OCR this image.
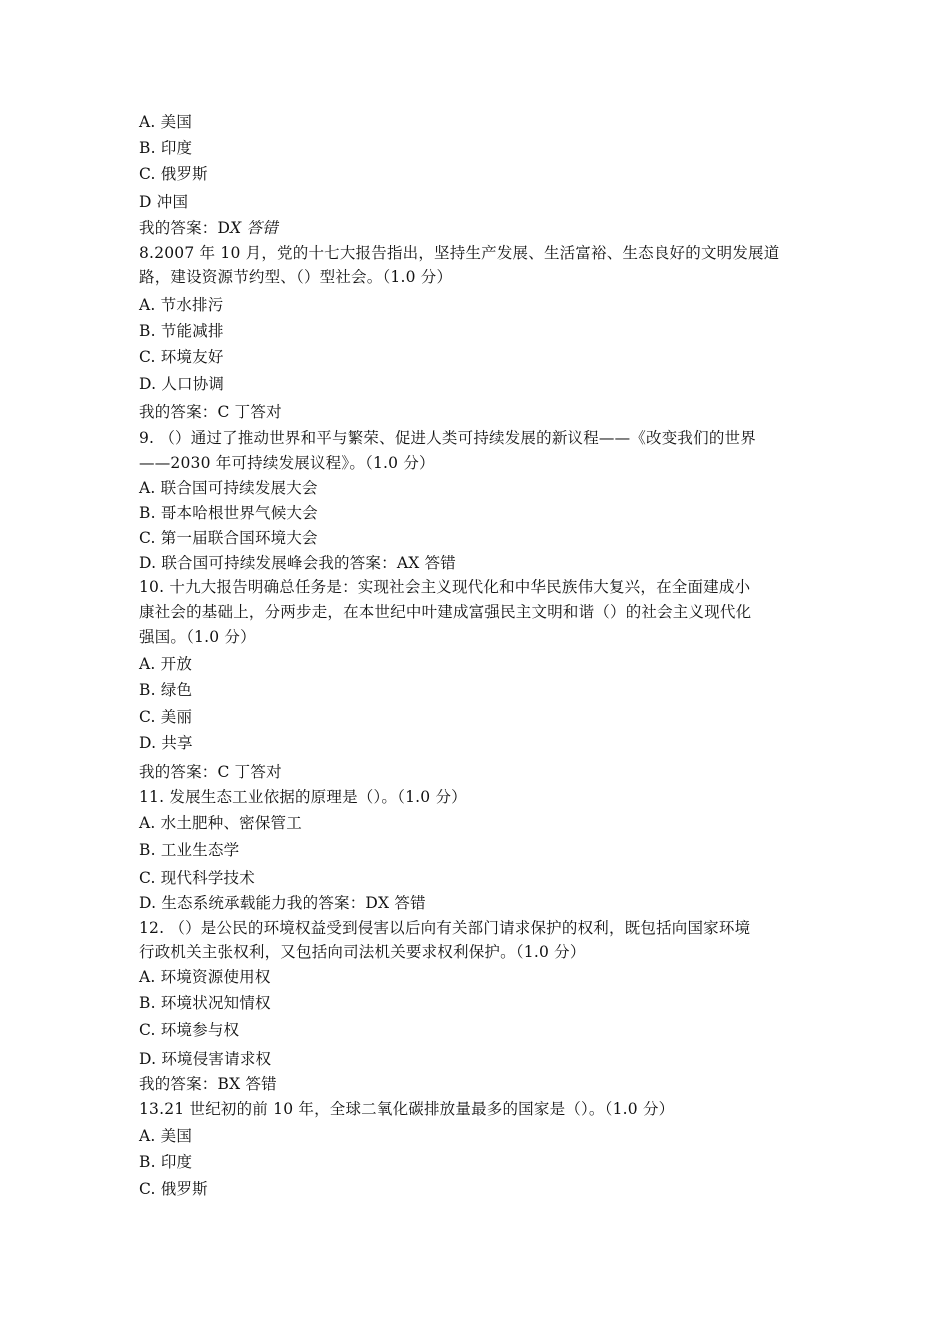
A. 美国
B. 印度
C. 俄罗斯
D 冲国
我的答案：DX 答错
8.2007 年 10 月，党的十七大报告指出，坚持生产发展、生活富裕、生态良好的文明发展道
路，建设资源节约型、（）型社会。（1.0 分）
A. 节水排污
B. 节能减排
C. 环境友好
D. 人口协调
我的答案：C 丁答对
9. （）通过了推动世界和平与繁荣、促进人类可持续发展的新议程——《改变我们的世界
——2030 年可持续发展议程》。（1.0 分）
A. 联合国可持续发展大会
B. 哥本哈根世界气候大会
C. 第一届联合国环境大会
D. 联合国可持续发展峰会我的答案：AX 答错
10. 十九大报告明确总任务是：实现社会主义现代化和中华民族伟大复兴，在全面建成小
康社会的基础上，分两步走，在本世纪中叶建成富强民主文明和谐（）的社会主义现代化
强国。（1.0 分）
A. 开放
B. 绿色
C. 美丽
D. 共享
我的答案：C 丁答对
11. 发展生态工业依据的原理是（）。（1.0 分）
A. 水土肥种、密保管工
B. 工业生态学
C. 现代科学技术
D. 生态系统承载能力我的答案：DX 答错
12. （）是公民的环境权益受到侵害以后向有关部门请求保护的权利，既包括向国家环境
行政机关主张权利，又包括向司法机关要求权利保护。（1.0 分）
A. 环境资源使用权
B. 环境状况知情权
C. 环境参与权
D. 环境侵害请求权
我的答案：BX 答错
13.21 世纪初的前 10 年，全球二氧化碳排放量最多的国家是（）。（1.0 分）
A. 美国
B. 印度
C. 俄罗斯
